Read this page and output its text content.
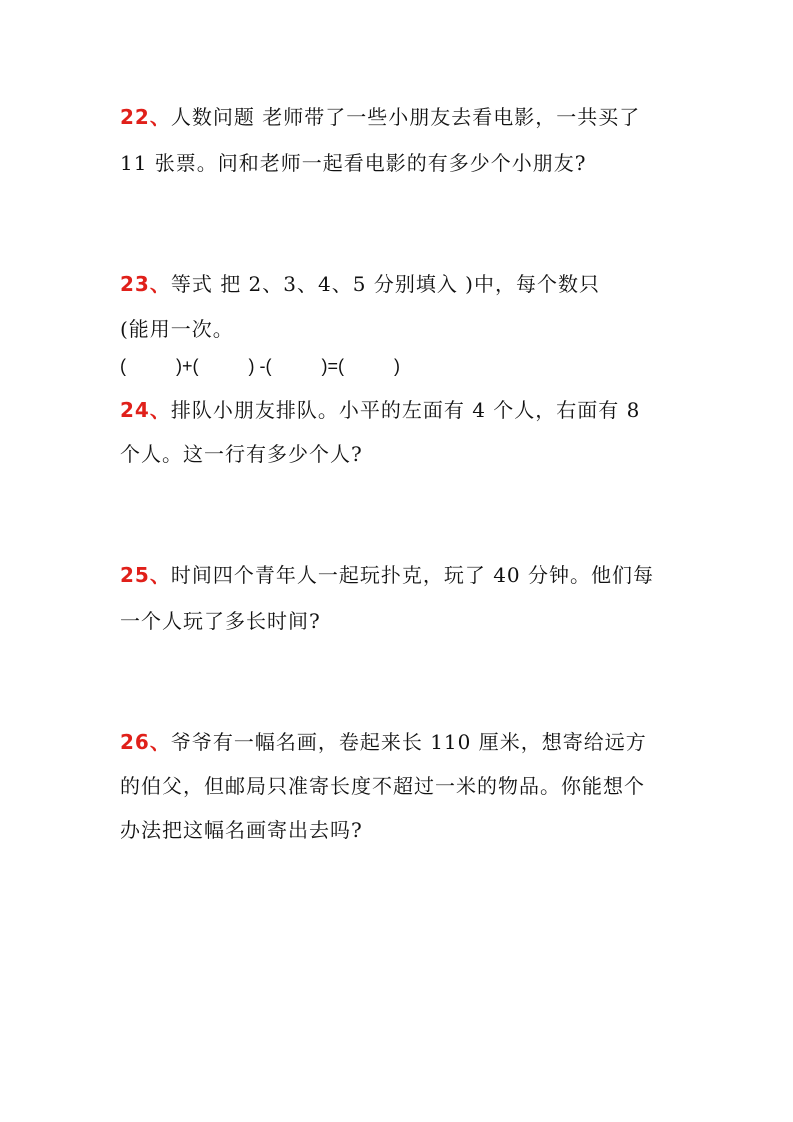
22、人数问题 老师带了一些小朋友去看电影，一共买了
11 张票。问和老师一起看电影的有多少个小朋友?
23、等式 把 2、3、4、5 分别填入 )中，每个数只
(能用一次。
(          )+(          ) -(          )=(          )
24、排队小朋友排队。小平的左面有 4 个人，右面有 8
个人。这一行有多少个人?
25、时间四个青年人一起玩扑克，玩了 40 分钟。他们每
一个人玩了多长时间?
26、爷爷有一幅名画，卷起来长 110 厘米，想寄给远方
的伯父，但邮局只准寄长度不超过一米的物品。你能想个
办法把这幅名画寄出去吗?
